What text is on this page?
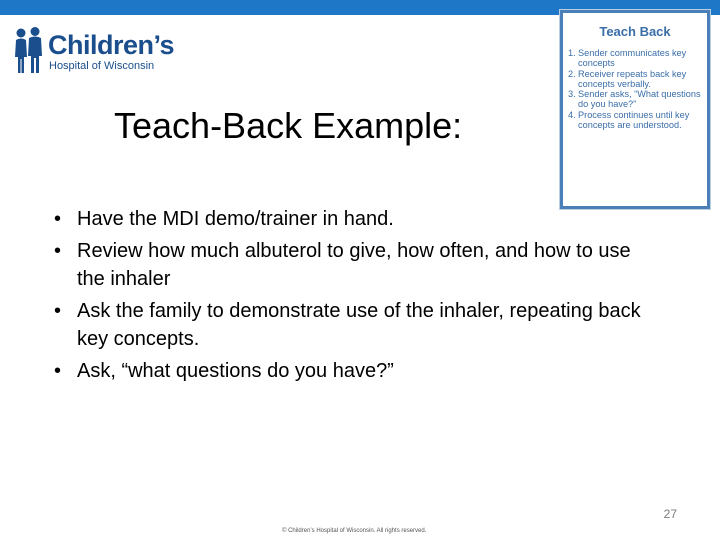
Children’s
Hospital of Wisconsin
Teach-Back Example:
Teach Back
1. Sender communicates key concepts
2. Receiver repeats back key concepts verbally.
3. Sender asks, “What questions do you have?”
4. Process continues until key concepts are understood.
• Have the MDI demo/trainer in hand.
• Review how much albuterol to give, how often, and how to use the inhaler
• Ask the family to demonstrate use of the inhaler, repeating back key concepts.
• Ask, “what questions do you have?”
27
© Children’s Hospital of Wisconsin. All rights reserved.
